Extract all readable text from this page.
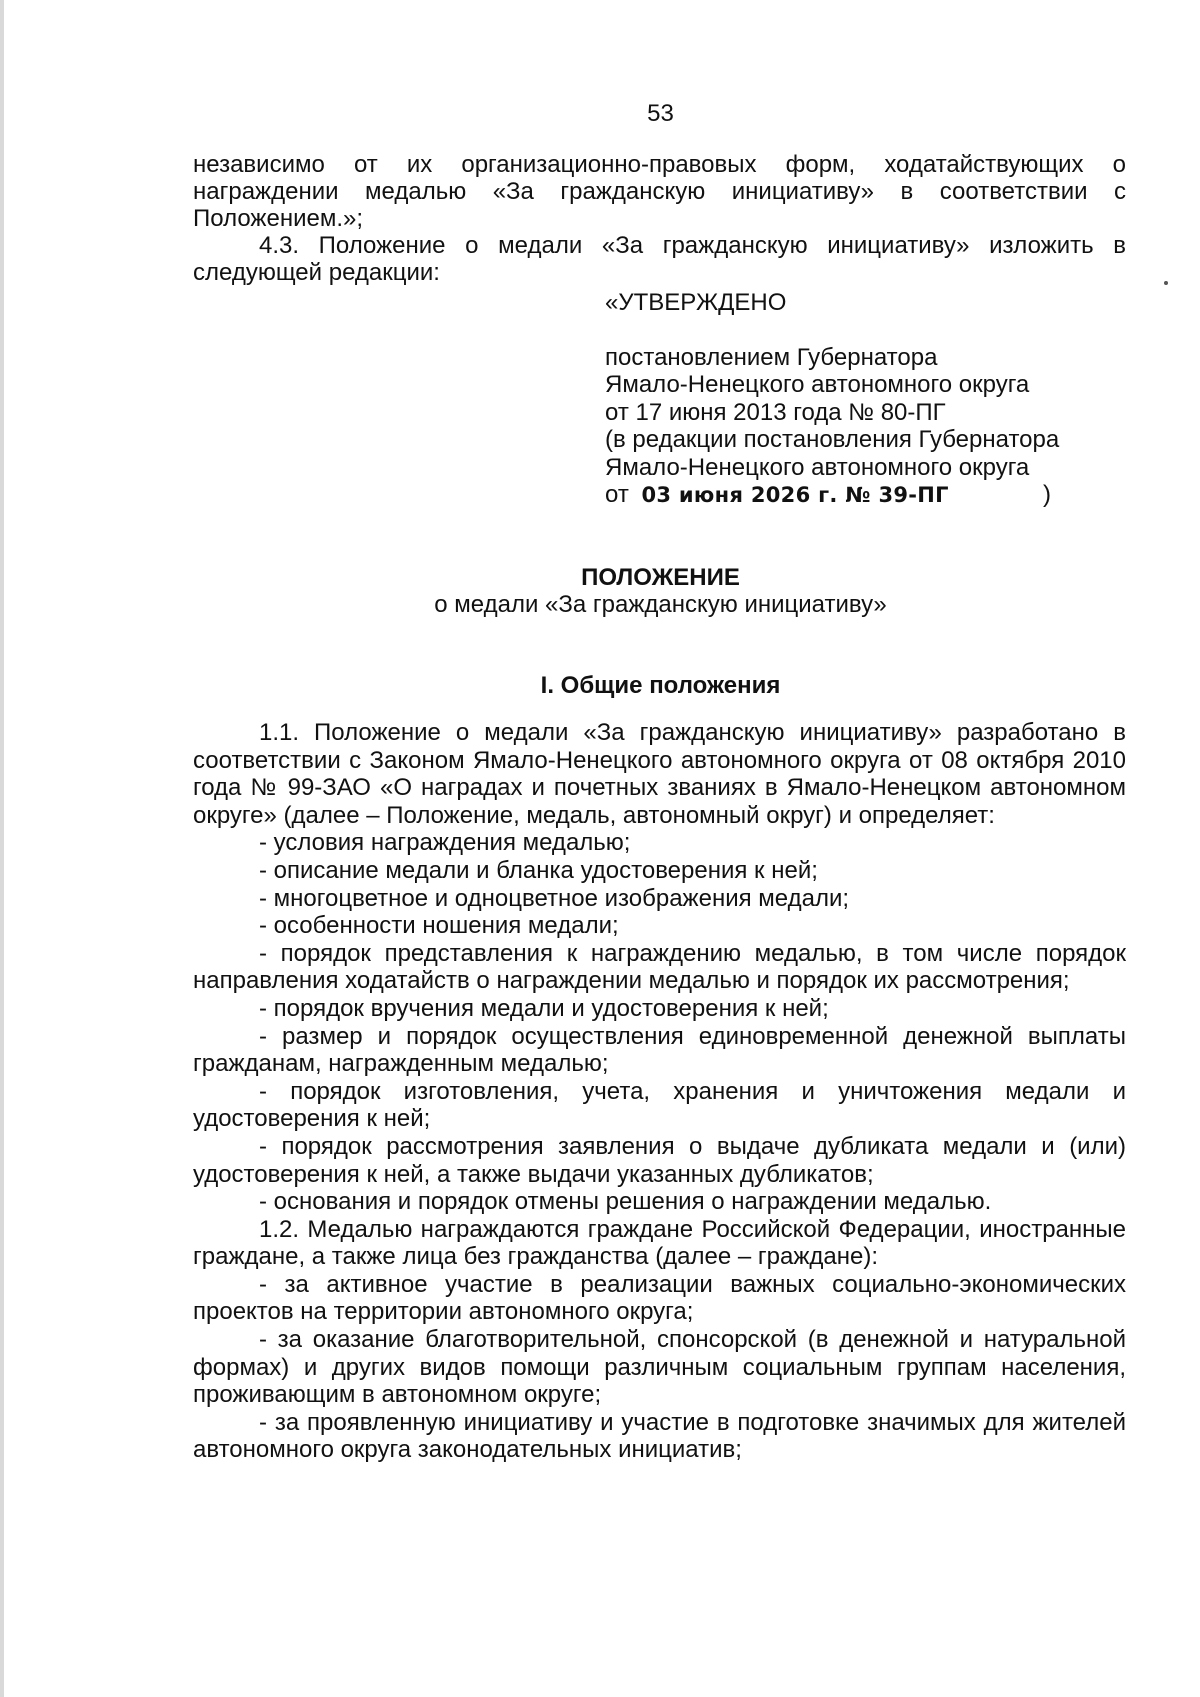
53

независимо от их организационно-правовых форм, ходатайствующих о награждении медалью «За гражданскую инициативу» в соответствии с Положением.»;

4.3. Положение о медали «За гражданскую инициативу» изложить в следующей редакции:

«УТВЕРЖДЕНО

постановлением Губернатора

Ямало-Ненецкого автономного округа

от 17 июня 2013 года № 80-ПГ

(в редакции постановления Губернатора

Ямало-Ненецкого автономного округа

от 03 июня 2026 г. № 39-ПГ	)

ПОЛОЖЕНИЕ
о медали «За гражданскую инициативу»
I. Общие положения

1.1. Положение о медали «За гражданскую инициативу» разработано в соответствии с Законом Ямало-Ненецкого автономного округа от 08 октября 2010 года № 99-ЗАО «О наградах и почетных званиях в Ямало-Ненецком автономном округе» (далее – Положение, медаль, автономный округ) и определяет:

- условия награждения медалью;

- описание медали и бланка удостоверения к ней;

- многоцветное и одноцветное изображения медали;

- особенности ношения медали;

- порядок представления к награждению медалью, в том числе порядок направления ходатайств о награждении медалью и порядок их рассмотрения;

- порядок вручения медали и удостоверения к ней;

- размер и порядок осуществления единовременной денежной выплаты гражданам, награжденным медалью;

- порядок изготовления, учета, хранения и уничтожения медали и удостоверения к ней;

- порядок рассмотрения заявления о выдаче дубликата медали и (или) удостоверения к ней, а также выдачи указанных дубликатов;

- основания и порядок отмены решения о награждении медалью.

1.2. Медалью награждаются граждане Российской Федерации, иностранные граждане, а также лица без гражданства (далее – граждане):

- за активное участие в реализации важных социально-экономических проектов на территории автономного округа;

- за оказание благотворительной, спонсорской (в денежной и натуральной формах) и других видов помощи различным социальным группам населения, проживающим в автономном округе;

- за проявленную инициативу и участие в подготовке значимых для жителей автономного округа законодательных инициатив;
